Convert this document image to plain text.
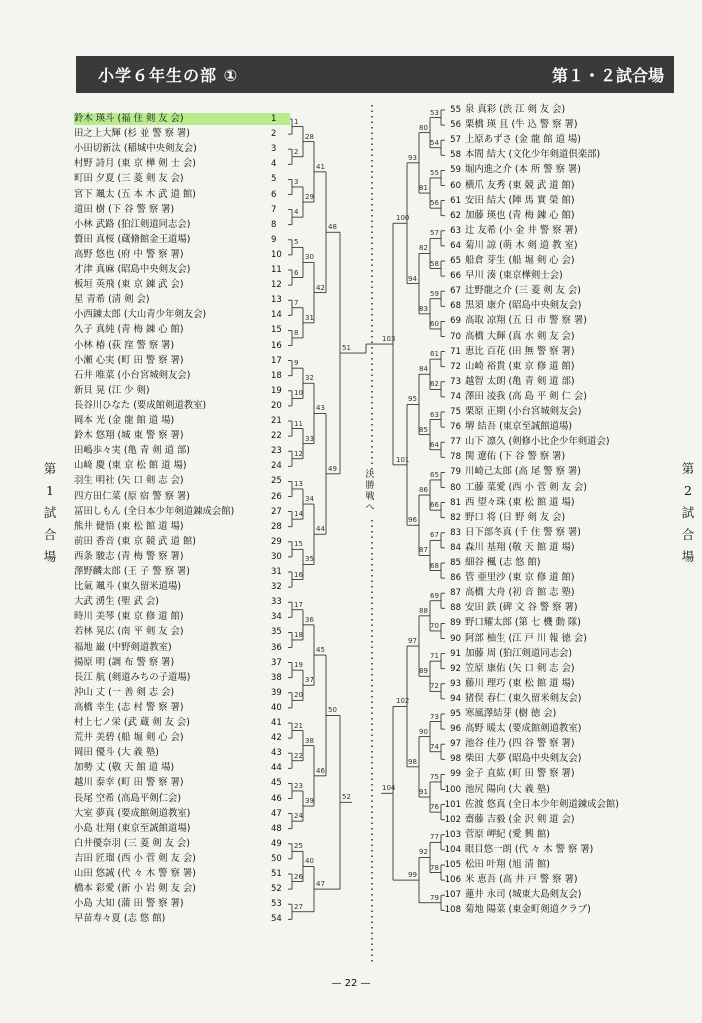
小学６年生の部 ①	第１・２試合場
鈴木 瑛斗 (福 住 剣 友 会)	1
田之上大輝 (杉 並 警 察 署)	2
小田切新汰 (稲城中央剣友会)	3
村野 詩月 (東 京 樺 剣 士 会)	4
町田 夕夏 (三 菱 剣 友 会)	5
宮下 颯太 (五 本 木 武 道 館)	6
道田 樹 (下 谷 警 察 署)	7
小林 武路 (狛江剣道同志会)	8
贅田 真桜 (蔵脩館金王道場)	9
高野 悠也 (府 中 警 察 署)	10
才津 真麻 (昭島中央剣友会)	11
板垣 英飛 (東 京 錬 武 会)	12
星 青希 (清 剣 会)	13
小西錬太郎 (大山青少年剣友会)	14
久子 真純 (青 梅 錬 心 館)	15
小林 椿 (荻 窪 警 察 署)	16
小瀬 心実 (町 田 警 察 署)	17
石井 唯菜 (小台宮城剣友会)	18
新貝 晃 (江 少 剣)	19
長谷川ひなた (要成館剣道教室)	20
岡本 光 (金 龍 館 道 場)	21
鈴木 悠翔 (城 東 警 察 署)	22
田嶋歩々実 (亀 青 剣 道 部)	23
山﨑 慶 (東 京 松 館 道 場)	24
羽生 明社 (矢 口 剣 志 会)	25
四方田仁菜 (原 宿 警 察 署)	26
冨田しもん (全日本少年剣道錬成会館)	27
熊井 健悟 (東 松 館 道 場)	28
前田 香音 (東 京 競 武 道 館)	29
西条 駿志 (青 梅 警 察 署)	30
澤野麟太郎 (王 子 警 察 署)	31
比氣 颯斗 (東久留米道場)	32
大武 湧生 (聖 武 会)	33
時川 美琴 (東 京 修 道 館)	34
若林 晃広 (南 平 剣 友 会)	35
福地 巌 (中野剣道教室)	36
揚原 明 (調 布 警 察 署)	37
長江 航 (剣道みちの子道場)	38
沖山 丈 (一 善 剣 志 会)	39
高橋 幸生 (志 村 警 察 署)	40
村上七ノ栄 (武 蔵 剣 友 会)	41
荒井 美碧 (船 堀 剣 心 会)	42
岡田 優斗 (大 義 塾)	43
加勢 丈 (敬 天 館 道 場)	44
越川 泰幸 (町 田 警 察 署)	45
長尾 空希 (高島平剣仁会)	46
大室 夢真 (要成館剣道教室)	47
小島 壮翔 (東京至誠館道場)	48
白井優奈羽 (三 菱 剣 友 会)	49
吉田 匠瑠 (西 小 菅 剣 友 会)	50
山田 悠誠 (代 々 木 警 察 署)	51
橋本 彩愛 (新 小 岩 剣 友 会)	52
小島 大知 (蒲 田 警 察 署)	53
早苗寿々夏 (志 悠 館)	54
55 泉 真彩 (渋 江 剣 友 会)
56 栗橋 瑛 且 (牛 込 警 察 署)
57 上原あずさ (金 龍 館 道 場)
58 本間 結大 (文化少年剣道倶楽部)
59 堀内進之介 (本 所 警 察 署)
60 横爪 友秀 (東 競 武 道 館)
61 安田 結大 (陣 馬 實 榮 館)
62 加藤 瑛也 (青 梅 錬 心 館)
63 辻 友希 (小 金 井 警 察 署)
64 菊川 諒 (萌 木 剣 道 教 室)
65 船倉 芽生 (船 堀 剣 心 会)
66 早川 湊 (東京樺剣士会)
67 辻野龍之介 (三 菱 剣 友 会)
68 黒須 康介 (昭島中央剣友会)
69 高取 凉翔 (五 日 市 警 察 署)
70 高橋 大輝 (真 水 剣 友 会)
71 恵比 百花 (田 無 警 察 署)
72 山崎 裕貴 (東 京 修 道 館)
73 越智 太朗 (亀 青 剣 道 部)
74 澤田 凌我 (高 島 平 剣 仁 会)
75 栗原 正期 (小台宮城剣友会)
76 堺 結吾 (東京至誠館道場)
77 山下 凛久 (剣修小比企少年剣道会)
78 関 遼佑 (下 谷 警 察 署)
79 川崎己太郎 (高 尾 警 察 署)
80 工藤 菜愛 (西 小 菅 剣 友 会)
81 西 望々珠 (東 松 館 道 場)
82 野口 将 (日 野 剣 友 会)
83 日下部冬真 (千 住 警 察 署)
84 森川 基翔 (敬 天 館 道 場)
85 細谷 楓 (志 悠 館)
86 管 亜里沙 (東 京 修 道 館)
87 高橋 大舟 (初 音 館 志 塾)
88 安田 鉄 (碑 文 谷 警 察 署)
89 野口耀太郎 (第 七 機 動 隊)
90 阿部 柚生 (江 戸 川 報 徳 会)
91 加藤 周 (狛江剣道同志会)
92 笠原 康佑 (矢 口 剣 志 会)
93 藤川 理巧 (東 松 館 道 場)
94 猪俣 春仁 (東久留米剣友会)
95 寒風澤結芽 (樹 徳 会)
96 高野 暖太 (要成館剣道教室)
97 池谷 佳乃 (四 谷 警 察 署)
98 柴田 大夢 (昭島中央剣友会)
99 金子 直紘 (町 田 警 察 署)
100 池尻 陽向 (大 義 塾)
101 佐渡 悠真 (全日本少年剣道錬成会館)
102 齋藤 吉毅 (金 沢 剣 道 会)
103 菅原 岬紀 (愛 興 館)
104 眼目悠一朗 (代 々 木 警 察 署)
105 松田 叶翔 (旭 清 館)
106 米 恵吾 (高 井 戸 警 察 署)
107 蓮井 永司 (城東大島剣友会)
108 菊地 陽菜 (東金町剣道クラブ)
1
2
3
4
5
6
7
8
9
10
11
12
13
14
15
16
17
18
19
20
21
22
23
24
25
26
27
28
29
30
31
32
33
34
35
36
37
38
39
40
41
42
43
44
45
46
47
48
49
50
51
52
53
54
55
56
57
58
59
60
61
62
63
64
65
66
67
68
69
70
71
72
73
74
75
76
77
78
79
80
81
82
83
84
85
86
87
88
89
90
91
92
93
94
95
96
97
98
99
100
101
102
103
104
第1試合場
第2試合場
決勝戦へ
— 22 —
